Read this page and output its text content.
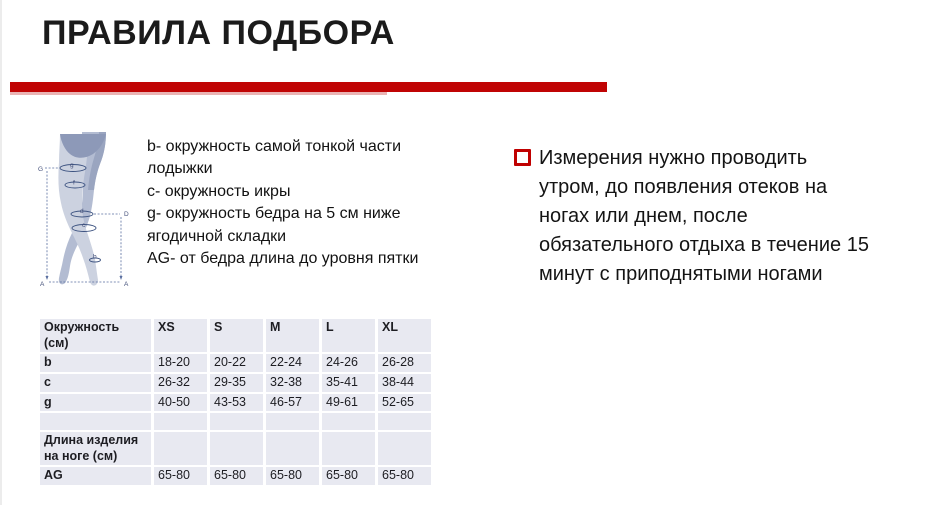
ПРАВИЛА ПОДБОРА
G
D
A	A
g
f
d
c
b
b- окружность самой тонкой части
лодыжки
c- окружность икры
g- окружность бедра на 5 см ниже
ягодичной складки
AG- от бедра длина до уровня пятки
Измерения нужно проводить
утром, до появления отеков на
ногах или днем, после
обязательного отдыха в течение 15
минут с приподнятыми ногами
Окружность (см)	XS	S	M	L	XL
b	18-20	20-22	22-24	24-26	26-28
c	26-32	29-35	32-38	35-41	38-44
g	40-50	43-53	46-57	49-61	52-65

Длина изделия на ноге (см)					
AG	65-80	65-80	65-80	65-80	65-80
